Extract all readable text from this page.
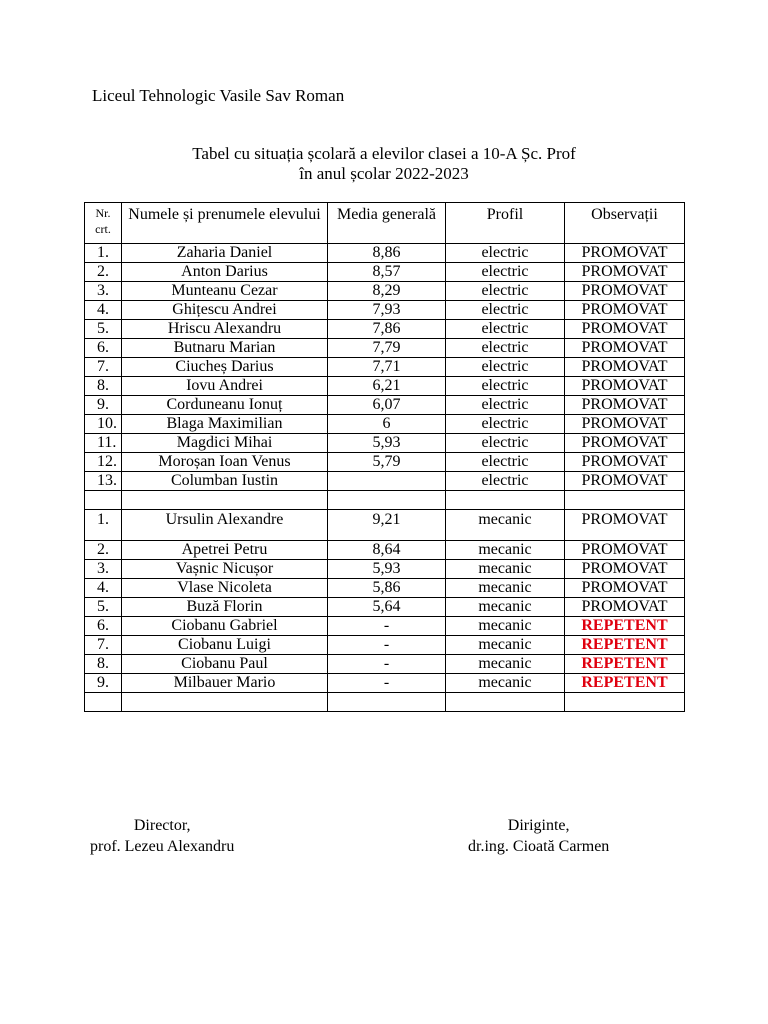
Liceul Tehnologic Vasile Sav Roman
Tabel cu situația școlară a elevilor clasei a 10-A Șc. Prof
în anul școlar 2022-2023
Nr. crt.	Numele și prenumele elevului	Media generală	Profil	Observații
1.	Zaharia Daniel	8,86	electric	PROMOVAT
2.	Anton Darius	8,57	electric	PROMOVAT
3.	Munteanu Cezar	8,29	electric	PROMOVAT
4.	Ghițescu Andrei	7,93	electric	PROMOVAT
5.	Hriscu Alexandru	7,86	electric	PROMOVAT
6.	Butnaru Marian	7,79	electric	PROMOVAT
7.	Ciucheș Darius	7,71	electric	PROMOVAT
8.	Iovu Andrei	6,21	electric	PROMOVAT
9.	Corduneanu Ionuț	6,07	electric	PROMOVAT
10.	Blaga Maximilian	6	electric	PROMOVAT
11.	Magdici Mihai	5,93	electric	PROMOVAT
12.	Moroșan Ioan Venus	5,79	electric	PROMOVAT
13.	Columban Iustin		electric	PROMOVAT

1.	Ursulin Alexandre	9,21	mecanic	PROMOVAT
2.	Apetrei Petru	8,64	mecanic	PROMOVAT
3.	Vașnic Nicușor	5,93	mecanic	PROMOVAT
4.	Vlase Nicoleta	5,86	mecanic	PROMOVAT
5.	Buză Florin	5,64	mecanic	PROMOVAT
6.	Ciobanu Gabriel	-	mecanic	REPETENT
7.	Ciobanu Luigi	-	mecanic	REPETENT
8.	Ciobanu Paul	-	mecanic	REPETENT
9.	Milbauer Mario	-	mecanic	REPETENT

Director,
prof. Lezeu Alexandru
Diriginte,
dr.ing. Cioată Carmen
